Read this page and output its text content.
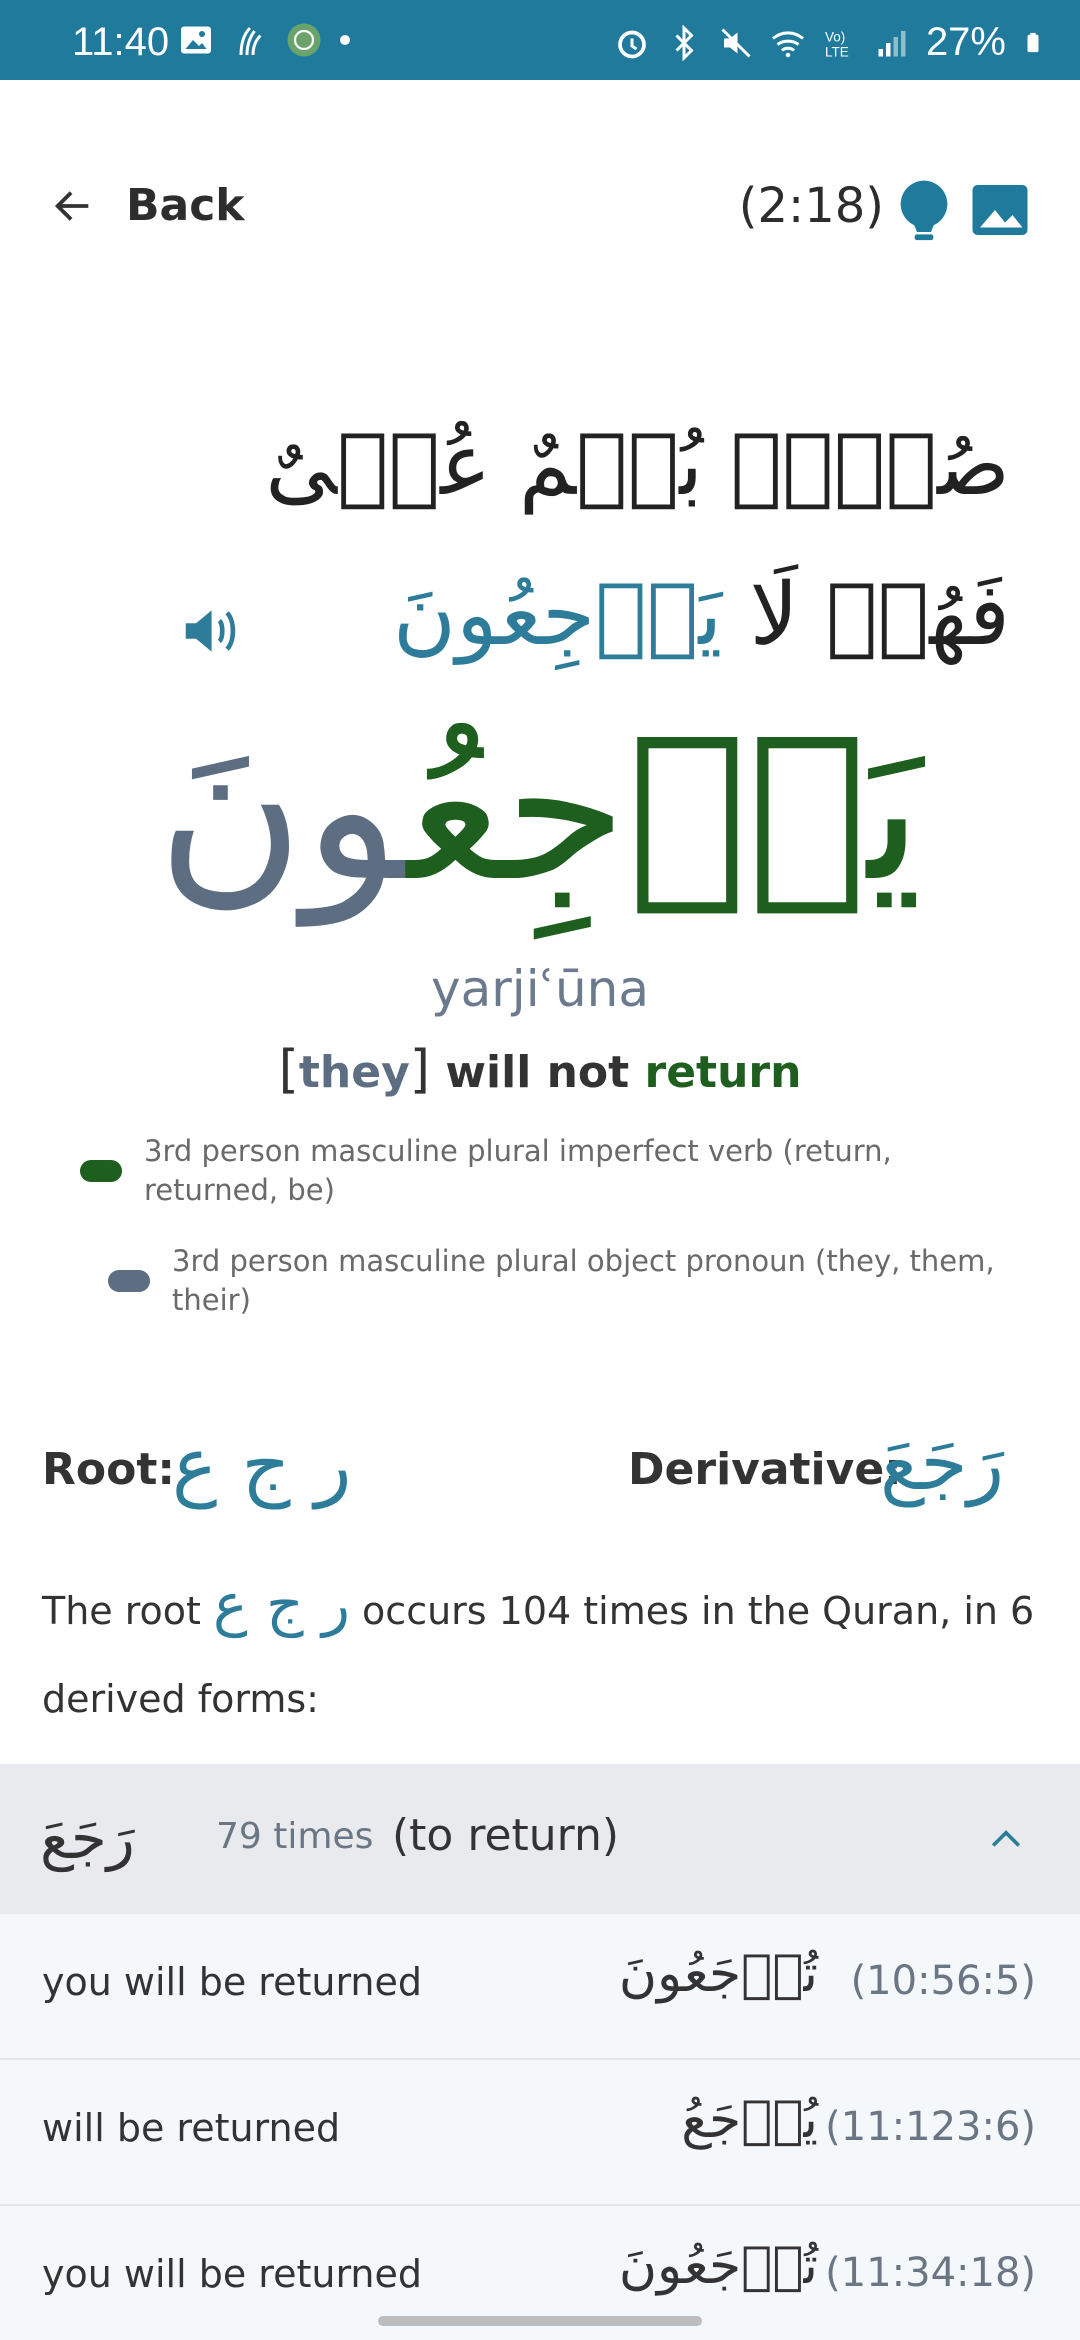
11:40	Vo)
LTE 27%
Back	(2:18)
صُمٌّۢ بُكۡمٌ عُمۡىٌ فَهُمۡ لَا يَرۡجِعُونَ
يَرۡجِعُونَ
yarjiʿūna
[they] will not return
3rd person masculine plural imperfect verb (return, returned, be)
3rd person masculine plural object pronoun (they, them, their)
Root:
ر ج ع	Derivative:
رَجَعَ
The root ر ج ع occurs 104 times in the Quran, in 6 derived forms:
رَجَعَ 79 times (to return)
you will be returned	تُرۡجَعُونَ (10:56:5)
will be returned	يُرۡجَعُ (11:123:6)
you will be returned	تُرۡجَعُونَ (11:34:18)
